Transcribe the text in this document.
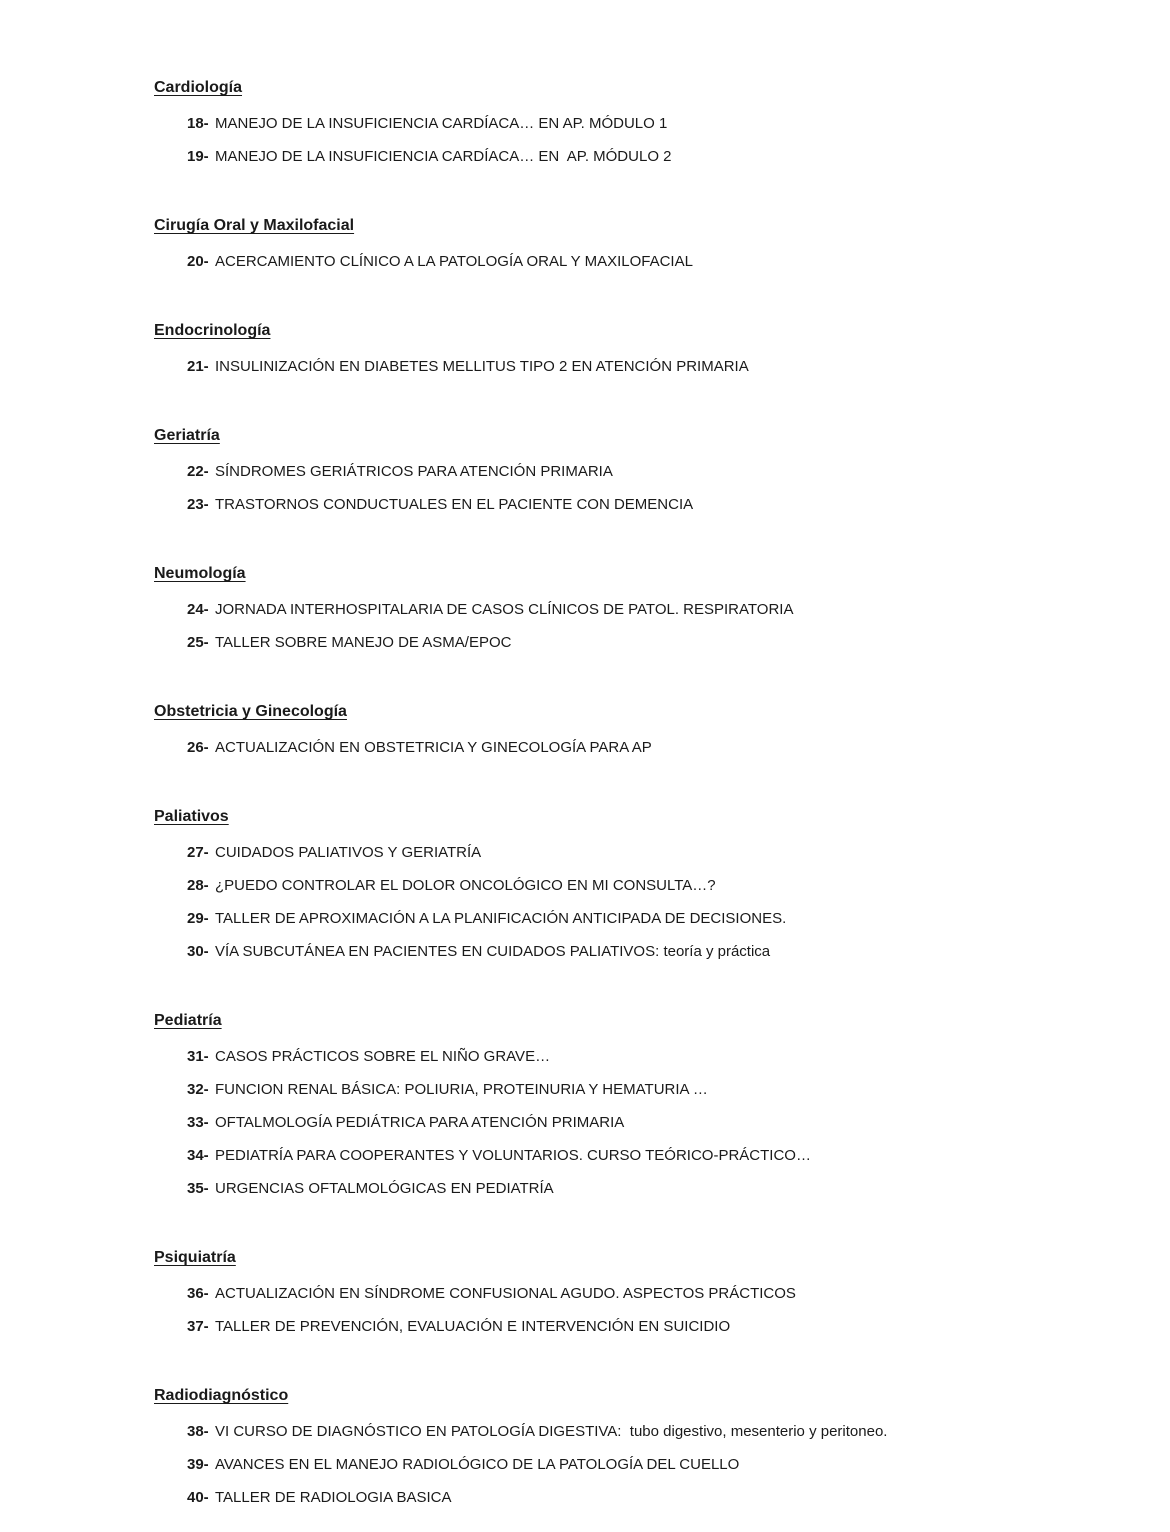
Cardiología
18- MANEJO DE LA INSUFICIENCIA CARDÍACA… EN AP. MÓDULO 1
19- MANEJO DE LA INSUFICIENCIA CARDÍACA… EN  AP. MÓDULO 2
Cirugía Oral y Maxilofacial
20- ACERCAMIENTO CLÍNICO A LA PATOLOGÍA ORAL Y MAXILOFACIAL
Endocrinología
21- INSULINIZACIÓN EN DIABETES MELLITUS TIPO 2 EN ATENCIÓN PRIMARIA
Geriatría
22- SÍNDROMES GERIÁTRICOS PARA ATENCIÓN PRIMARIA
23- TRASTORNOS CONDUCTUALES EN EL PACIENTE CON DEMENCIA
Neumología
24- JORNADA INTERHOSPITALARIA DE CASOS CLÍNICOS DE PATOL. RESPIRATORIA
25- TALLER SOBRE MANEJO DE ASMA/EPOC
Obstetricia y Ginecología
26- ACTUALIZACIÓN EN OBSTETRICIA Y GINECOLOGÍA PARA AP
Paliativos
27- CUIDADOS PALIATIVOS Y GERIATRÍA
28- ¿PUEDO CONTROLAR EL DOLOR ONCOLÓGICO EN MI CONSULTA…?
29- TALLER DE APROXIMACIÓN A LA PLANIFICACIÓN ANTICIPADA DE DECISIONES.
30- VÍA SUBCUTÁNEA EN PACIENTES EN CUIDADOS PALIATIVOS: teoría y práctica
Pediatría
31- CASOS PRÁCTICOS SOBRE EL NIÑO GRAVE…
32- FUNCION RENAL BÁSICA: POLIURIA, PROTEINURIA Y HEMATURIA …
33- OFTALMOLOGÍA PEDIÁTRICA PARA ATENCIÓN PRIMARIA
34- PEDIATRÍA PARA COOPERANTES Y VOLUNTARIOS. CURSO TEÓRICO-PRÁCTICO…
35- URGENCIAS OFTALMOLÓGICAS EN PEDIATRÍA
Psiquiatría
36- ACTUALIZACIÓN EN SÍNDROME CONFUSIONAL AGUDO. ASPECTOS PRÁCTICOS
37- TALLER DE PREVENCIÓN, EVALUACIÓN E INTERVENCIÓN EN SUICIDIO
Radiodiagnóstico
38- VI CURSO DE DIAGNÓSTICO EN PATOLOGÍA DIGESTIVA:  tubo digestivo, mesenterio y peritoneo.
39- AVANCES EN EL MANEJO RADIOLÓGICO DE LA PATOLOGÍA DEL CUELLO
40- TALLER DE RADIOLOGIA BASICA
